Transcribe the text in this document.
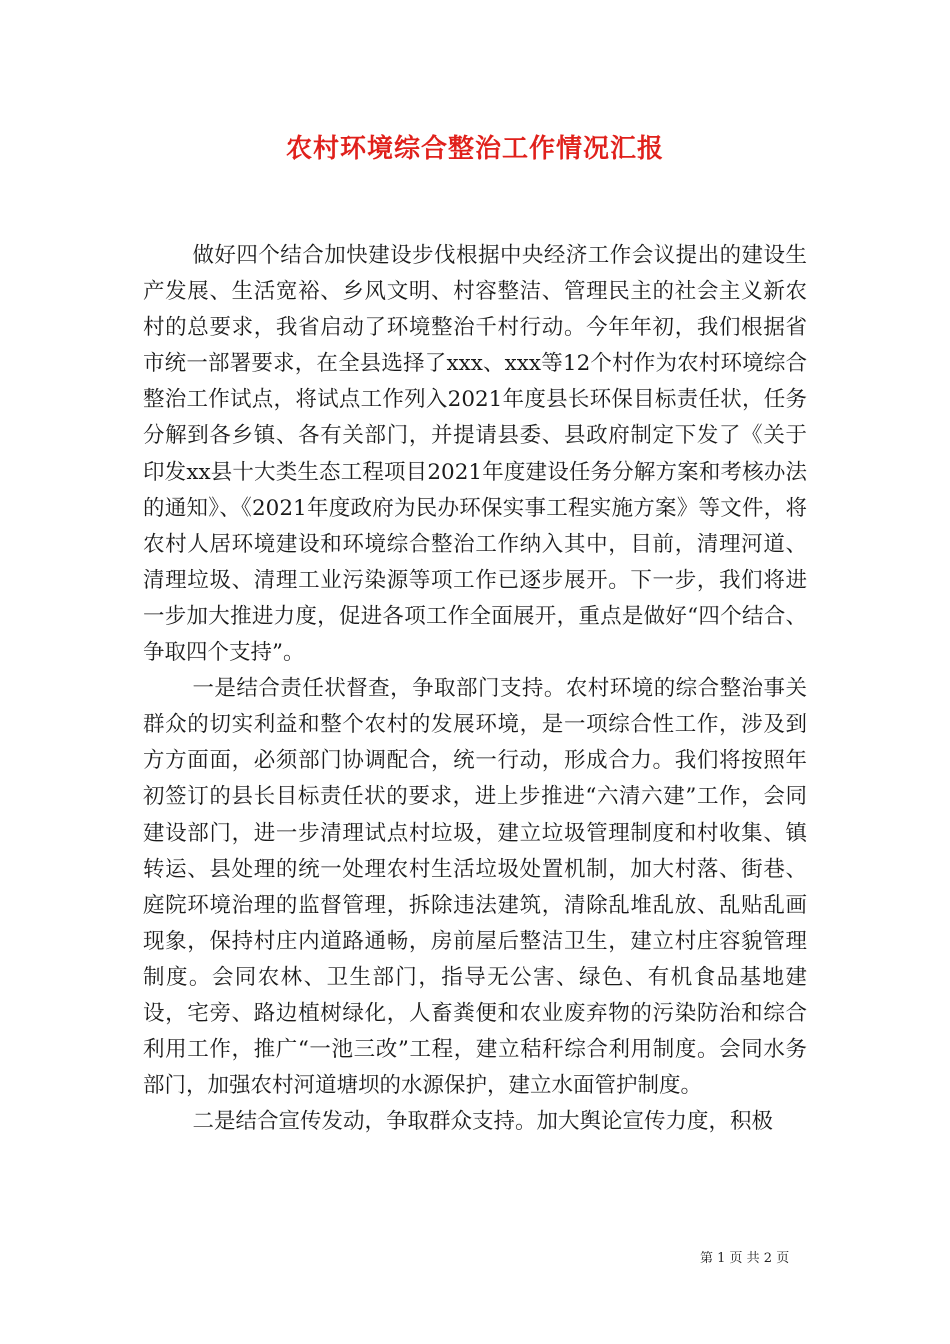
农村环境综合整治工作情况汇报

做好四个结合加快建设步伐根据中央经济工作会议提出的建设生产发展、生活宽裕、乡风文明、村容整洁、管理民主的社会主义新农村的总要求，我省启动了环境整治千村行动。今年年初，我们根据省市统一部署要求，在全县选择了xxx、xxx等12个村作为农村环境综合整治工作试点，将试点工作列入2021年度县长环保目标责任状，任务分解到各乡镇、各有关部门，并提请县委、县政府制定下发了《关于印发xx县十大类生态工程项目2021年度建设任务分解方案和考核办法的通知》、《2021年度政府为民办环保实事工程实施方案》等文件，将农村人居环境建设和环境综合整治工作纳入其中，目前，清理河道、清理垃圾、清理工业污染源等项工作已逐步展开。下一步，我们将进一步加大推进力度，促进各项工作全面展开，重点是做好“四个结合、争取四个支持”。

一是结合责任状督查，争取部门支持。农村环境的综合整治事关群众的切实利益和整个农村的发展环境，是一项综合性工作，涉及到方方面面，必须部门协调配合，统一行动，形成合力。我们将按照年初签订的县长目标责任状的要求，进上步推进“六清六建”工作，会同建设部门，进一步清理试点村垃圾，建立垃圾管理制度和村收集、镇转运、县处理的统一处理农村生活垃圾处置机制，加大村落、街巷、庭院环境治理的监督管理，拆除违法建筑，清除乱堆乱放、乱贴乱画现象，保持村庄内道路通畅，房前屋后整洁卫生，建立村庄容貌管理制度。会同农林、卫生部门，指导无公害、绿色、有机食品基地建设，宅旁、路边植树绿化，人畜粪便和农业废弃物的污染防治和综合利用工作，推广“一池三改”工程，建立秸秆综合利用制度。会同水务部门，加强农村河道塘坝的水源保护，建立水面管护制度。

二是结合宣传发动，争取群众支持。加大舆论宣传力度，积极

第 1 页 共 2 页
